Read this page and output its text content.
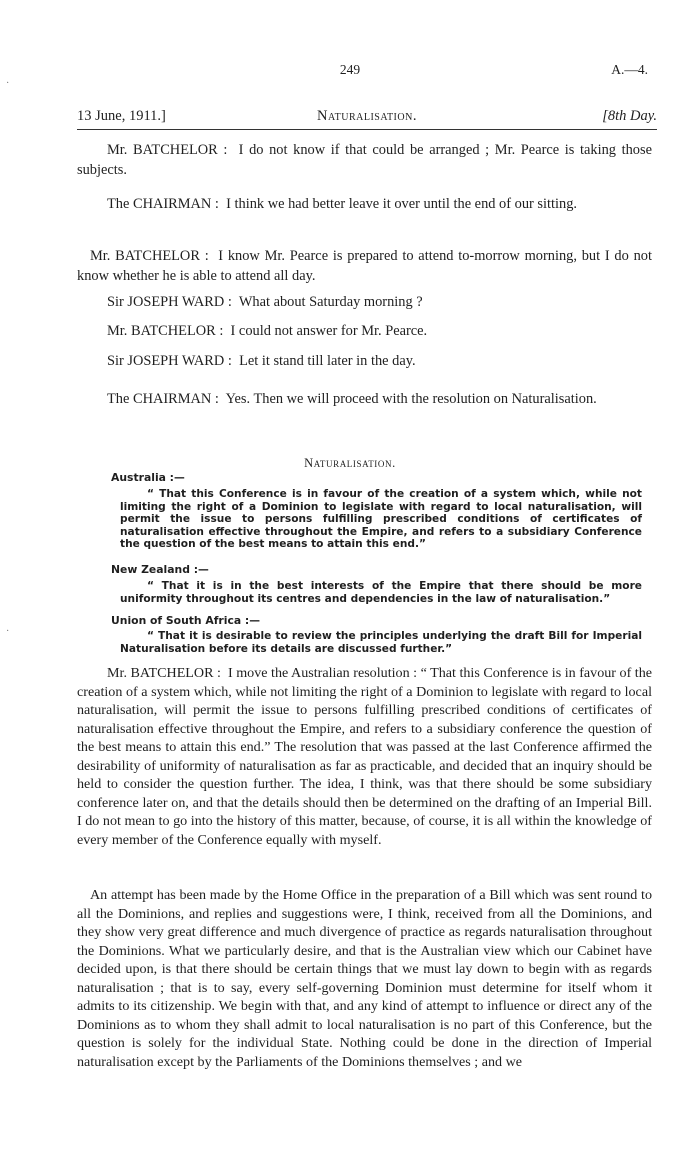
249	A.—4.
13 June, 1911.]	Naturalisation.	[8th Day.

Mr. BATCHELOR :  I do not know if that could be arranged ; Mr. Pearce is taking those subjects.

The CHAIRMAN :  I think we had better leave it over until the end of our sitting.

Mr. BATCHELOR :  I know Mr. Pearce is prepared to attend to-morrow morning, but I do not know whether he is able to attend all day.

Sir JOSEPH WARD :  What about Saturday morning ?

Mr. BATCHELOR :  I could not answer for Mr. Pearce.

Sir JOSEPH WARD :  Let it stand till later in the day.

The CHAIRMAN :  Yes. Then we will proceed with the resolution on Naturalisation.

Naturalisation.
Australia :—

“ That this Conference is in favour of the creation of a system which, while not limiting the right of a Dominion to legislate with regard to local naturalisation, will permit the issue to persons fulfilling prescribed conditions of certificates of naturalisation effective throughout the Empire, and refers to a subsidiary Conference the question of the best means to attain this end.”

New Zealand :—

“ That it is in the best interests of the Empire that there should be more uniformity throughout its centres and dependencies in the law of naturalisation.”

Union of South Africa :—

“ That it is desirable to review the principles underlying the draft Bill for Imperial Naturalisation before its details are discussed further.”

Mr. BATCHELOR :  I move the Australian resolution : “ That this Conference is in favour of the creation of a system which, while not limiting the right of a Dominion to legislate with regard to local naturalisation, will permit the issue to persons fulfilling prescribed conditions of certificates of naturalisation effective throughout the Empire, and refers to a subsidiary conference the question of the best means to attain this end.” The resolution that was passed at the last Conference affirmed the desirability of uniformity of naturalisation as far as practicable, and decided that an inquiry should be held to consider the question further. The idea, I think, was that there should be some subsidiary conference later on, and that the details should then be determined on the drafting of an Imperial Bill. I do not mean to go into the history of this matter, because, of course, it is all within the knowledge of every member of the Conference equally with myself.

An attempt has been made by the Home Office in the preparation of a Bill which was sent round to all the Dominions, and replies and suggestions were, I think, received from all the Dominions, and they show very great difference and much divergence of practice as regards naturalisation throughout the Dominions. What we particularly desire, and that is the Australian view which our Cabinet have decided upon, is that there should be certain things that we must lay down to begin with as regards naturalisation ; that is to say, every self-governing Dominion must determine for itself whom it admits to its citizenship. We begin with that, and any kind of attempt to influence or direct any of the Dominions as to whom they shall admit to local naturalisation is no part of this Conference, but the question is solely for the individual State. Nothing could be done in the direction of Imperial naturalisation except by the Parliaments of the Dominions themselves ; and we

·
·
